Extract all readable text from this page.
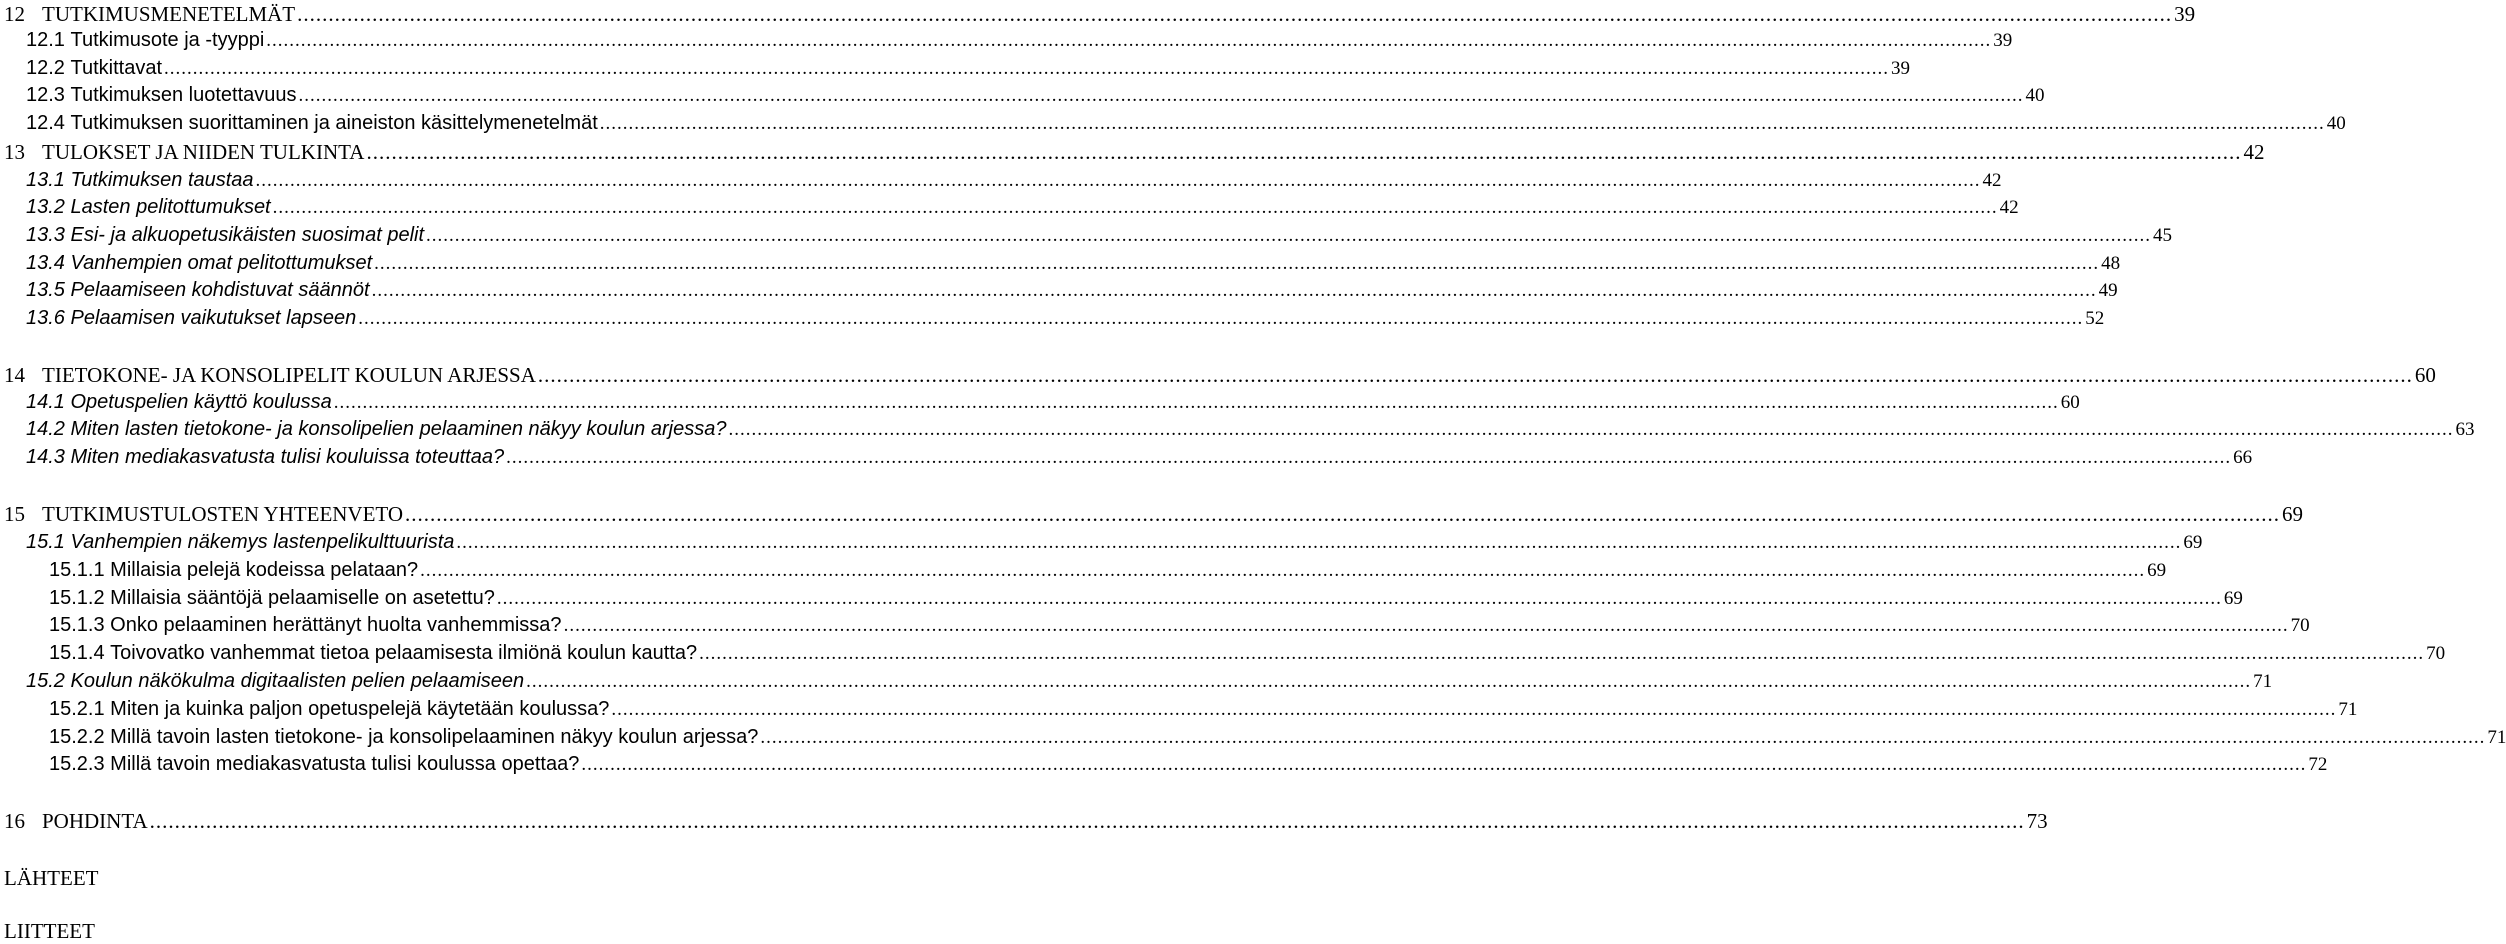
12 TUTKIMUSMENETELMÄT ............................................................................................................................................................................................................................................................................................................ 39
12.1
Tutkimusote ja -tyyppi ............................................................................................................................................................................................................................................................................................................ 39
12.2
Tutkittavat ............................................................................................................................................................................................................................................................................................................ 39
12.3
Tutkimuksen luotettavuus ............................................................................................................................................................................................................................................................................................................ 40
12.4
Tutkimuksen suorittaminen ja aineiston käsittelymenetelmät ............................................................................................................................................................................................................................................................................................................ 40
13 TULOKSET JA NIIDEN TULKINTA ............................................................................................................................................................................................................................................................................................................ 42
13.1
Tutkimuksen taustaa ............................................................................................................................................................................................................................................................................................................ 42
13.2
Lasten pelitottumukset ............................................................................................................................................................................................................................................................................................................ 42
13.3
Esi- ja alkuopetusikäisten suosimat pelit ............................................................................................................................................................................................................................................................................................................ 45
13.4
Vanhempien omat pelitottumukset ............................................................................................................................................................................................................................................................................................................ 48
13.5
Pelaamiseen kohdistuvat säännöt ............................................................................................................................................................................................................................................................................................................ 49
13.6
Pelaamisen vaikutukset lapseen ............................................................................................................................................................................................................................................................................................................ 52
14 TIETOKONE- JA KONSOLIPELIT KOULUN ARJESSA ............................................................................................................................................................................................................................................................................................................ 60
14.1
Opetuspelien käyttö koulussa ............................................................................................................................................................................................................................................................................................................ 60
14.2
Miten lasten tietokone- ja konsolipelien pelaaminen näkyy koulun arjessa? ............................................................................................................................................................................................................................................................................................................ 63
14.3
Miten mediakasvatusta tulisi kouluissa toteuttaa? ............................................................................................................................................................................................................................................................................................................ 66
15 TUTKIMUSTULOSTEN YHTEENVETO ............................................................................................................................................................................................................................................................................................................ 69
15.1
Vanhempien näkemys lastenpelikulttuurista ............................................................................................................................................................................................................................................................................................................ 69
15.1.1
Millaisia pelejä kodeissa pelataan? ............................................................................................................................................................................................................................................................................................................ 69
15.1.2
Millaisia sääntöjä pelaamiselle on asetettu? ............................................................................................................................................................................................................................................................................................................ 69
15.1.3
Onko pelaaminen herättänyt huolta vanhemmissa? ............................................................................................................................................................................................................................................................................................................ 70
15.1.4
Toivovatko vanhemmat tietoa pelaamisesta ilmiönä koulun kautta? ............................................................................................................................................................................................................................................................................................................ 70
15.2
Koulun näkökulma digitaalisten pelien pelaamiseen ............................................................................................................................................................................................................................................................................................................ 71
15.2.1
Miten ja kuinka paljon opetuspelejä käytetään koulussa? ............................................................................................................................................................................................................................................................................................................ 71
15.2.2
Millä tavoin lasten tietokone- ja konsolipelaaminen näkyy koulun arjessa? ............................................................................................................................................................................................................................................................................................................ 71
15.2.3
Millä tavoin mediakasvatusta tulisi koulussa opettaa? ............................................................................................................................................................................................................................................................................................................ 72
16 POHDINTA ............................................................................................................................................................................................................................................................................................................ 73
LÄHTEET
LIITTEET
